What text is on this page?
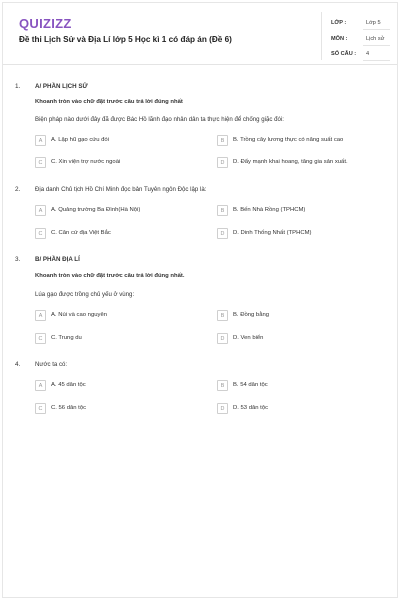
QUIZIZZ
Đề thi Lịch Sử và Địa Lí lớp 5 Học kì 1 có đáp án (Đề 6)
LỚP :	Lớp 5
MÔN :	Lịch sử
SỐ CÂU : 4
1. A/ PHẦN LỊCH SỬ
Khoanh tròn vào chữ đặt trước câu trả lời đúng nhất
Biện pháp nào dưới đây đã được Bác Hồ lãnh đạo nhân dân ta thực hiện để chống giặc đói:
A	A. Lập hũ gạo cứu đói	B	B. Trồng cây lương thực có năng suất cao
C	C. Xin viện trợ nước ngoài	D	D. Đẩy mạnh khai hoang, tăng gia sản xuất.
2. Địa danh Chủ tịch Hồ Chí Minh đọc bản Tuyên ngôn Độc lập là:
A	A. Quảng trường Ba Đình(Hà Nội)	B	B. Bến Nhà Rồng (TPHCM)
C	C. Căn cứ địa Việt Bắc	D	D. Dinh Thống Nhất (TPHCM)
3. B/ PHẦN ĐỊA LÍ
Khoanh tròn vào chữ đặt trước câu trả lời đúng nhất.
Lúa gạo được trồng chủ yếu ở vùng:
A	A. Núi và cao nguyên	B	B. Đồng bằng
C	C. Trung du	D	D. Ven biển
4. Nước ta có:
A	A. 45 dân tộc	B	B. 54 dân tộc
C	C. 56 dân tộc	D	D. 53 dân tộc
